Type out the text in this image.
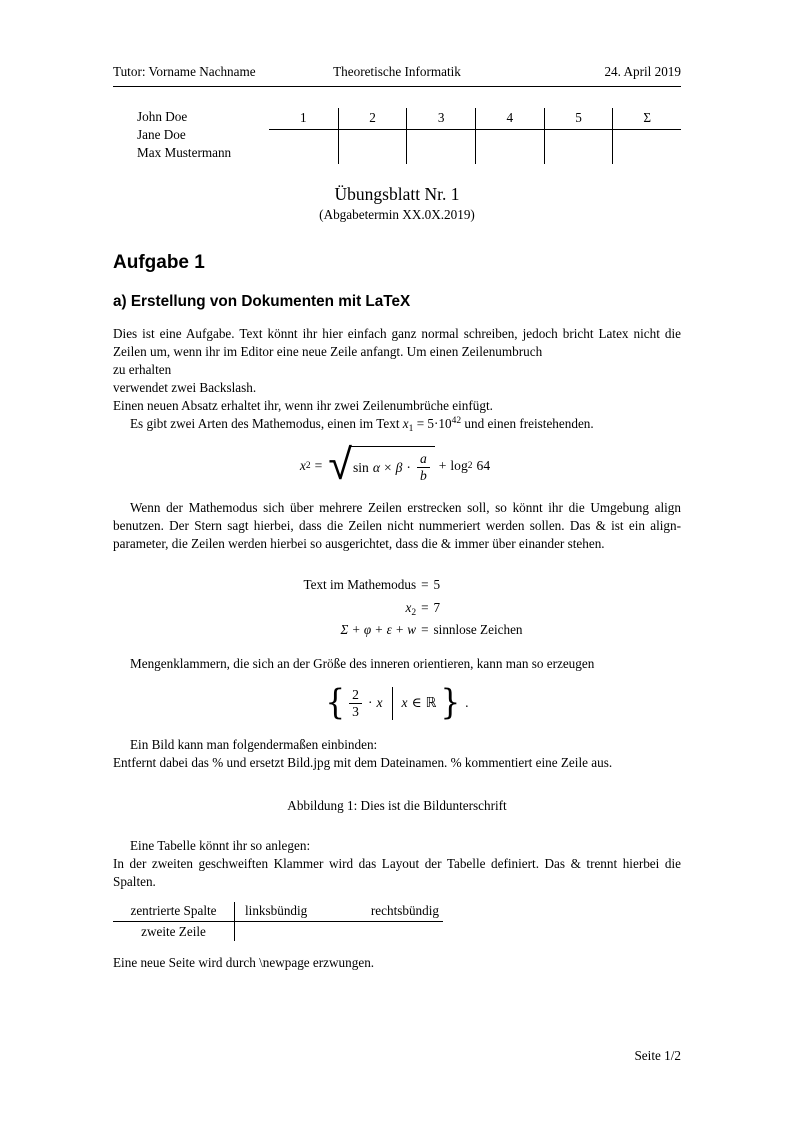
Tutor: Vorname Nachname	Theoretische Informatik	24. April 2019
John Doe
Jane Doe
Max Mustermann
1	2	3	4	5	Σ
Übungsblatt Nr. 1
(Abgabetermin XX.0X.2019)
Aufgabe 1
a) Erstellung von Dokumenten mit LaTeX
Dies ist eine Aufgabe. Text könnt ihr hier einfach ganz normal schreiben, jedoch bricht Latex nicht die Zeilen um, wenn ihr im Editor eine neue Zeile anfangt. Um einen Zeilenumbruch
zu erhalten
verwendet zwei Backslash.
Einen neuen Absatz erhaltet ihr, wenn ihr zwei Zeilenumbrüche einfügt.
Es gibt zwei Arten des Mathemodus, einen im Text $x_1 = 5\cdot 10^{42}$ und einen freistehenden.
x 2 = √ $\sin \alpha \times \beta \cdot \frac{a}{b} + \log 2$ 64
Wenn der Mathemodus sich über mehrere Zeilen erstrecken soll, so könnt ihr die Umgebung align benutzen. Der Stern sagt hierbei, dass die Zeilen nicht nummeriert werden sollen. Das & ist ein align-parameter, die Zeilen werden hierbei so ausgerichtet, dass die & immer über einander stehen.
Text im Mathemodus = 5
$x_2 = 7$
Σ + φ + ε + w = sinnlose Zeichen
Mengenklammern, die sich an der Größe des inneren orientieren, kann man so erzeugen
{ $\frac{2}{3} \cdot x$ x ∈ ℝ } .
Ein Bild kann man folgendermaßen einbinden:
Entfernt dabei das % und ersetzt Bild.jpg mit dem Dateinamen. % kommentiert eine Zeile aus.
Abbildung 1: Dies ist die Bildunterschrift
Eine Tabelle könnt ihr so anlegen:
In der zweiten geschweiften Klammer wird das Layout der Tabelle definiert. Das & trennt hierbei die Spalten.
zentrierte Spalte	linksbündig	rechtsbündig
zweite Zeile
Eine neue Seite wird durch \newpage erzwungen.
Seite 1/2
